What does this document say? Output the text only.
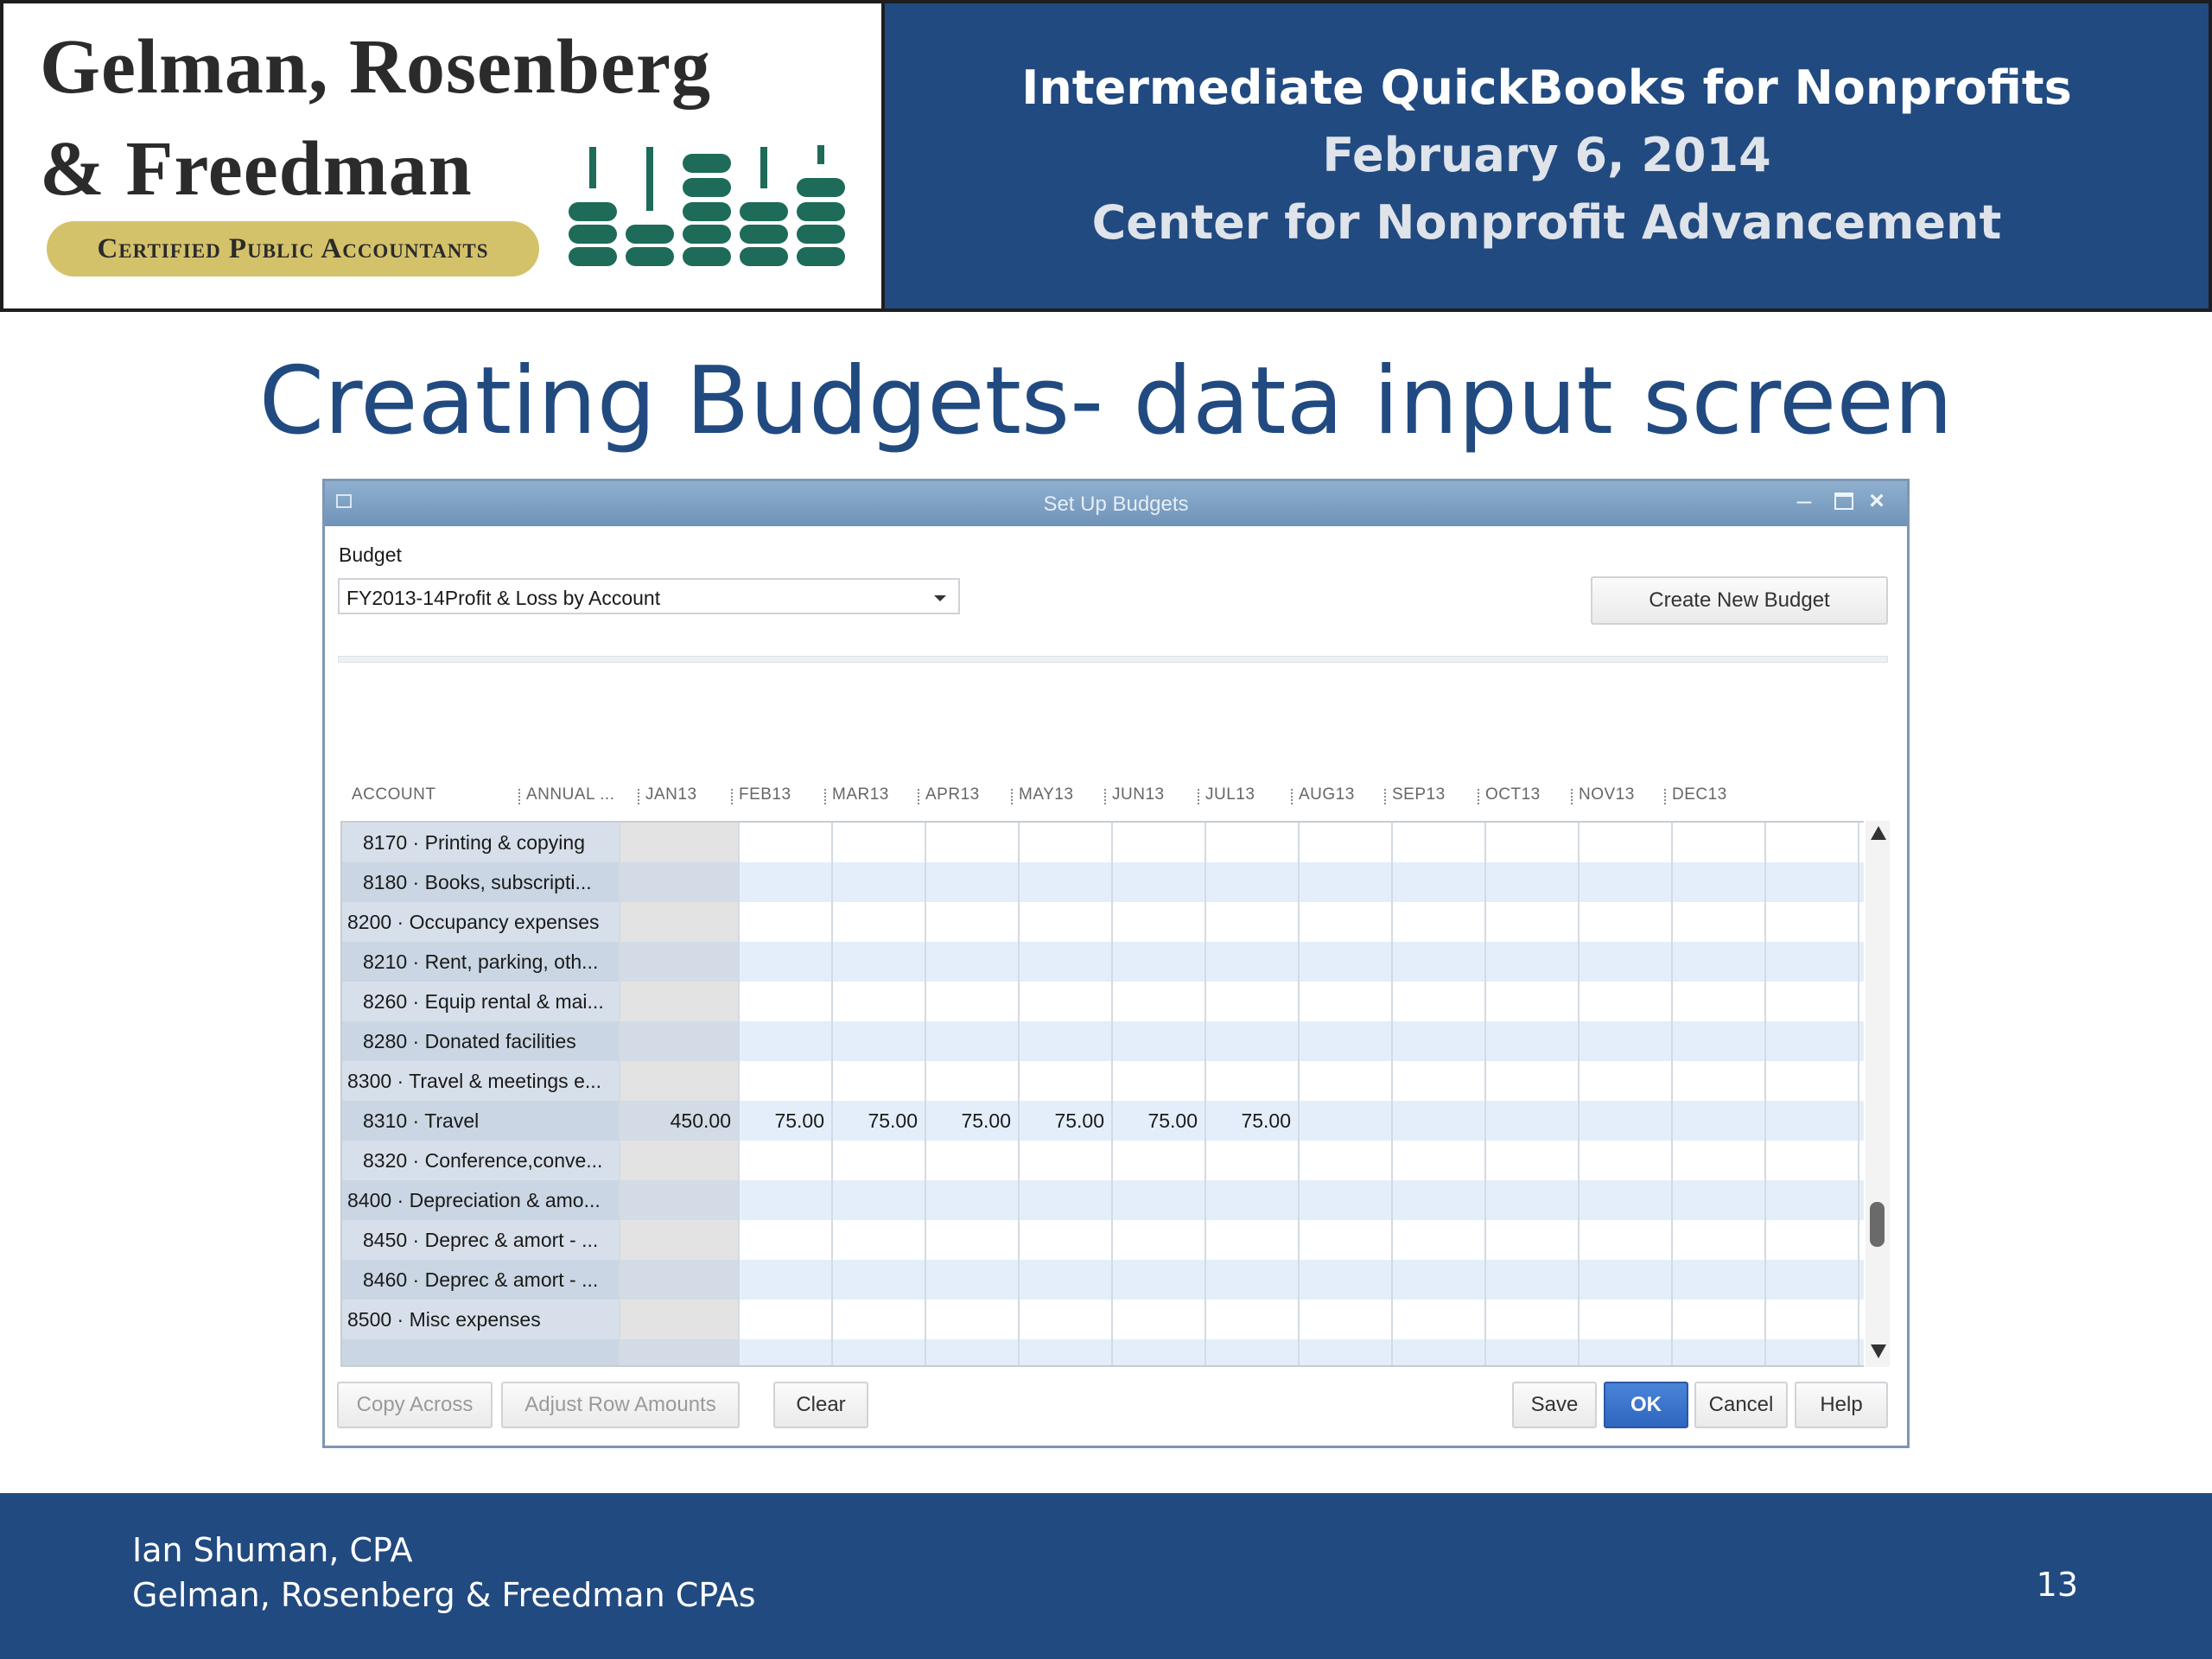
Gelman, Rosenberg
& Freedman
Certified Public Accountants
Intermediate QuickBooks for Nonprofits
February 6, 2014
Center for Nonprofit Advancement
Creating Budgets- data input screen
Set Up Budgets	– ×
Budget
FY2013-14Profit & Loss by Account	Create New Budget
ACCOUNT	ANNUAL ... JAN13	FEB13 MAR13 APR13 MAY13 JUN13 JUL13	AUG13 SEP13 OCT13 NOV13 DEC13
8170 · Printing & copying
8180 · Books, subscripti...
8200 · Occupancy expenses
8210 · Rent, parking, oth...
8260 · Equip rental & mai...
8280 · Donated facilities
8300 · Travel & meetings e...
8310 · Travel	450.00	75.00	75.00	75.00	75.00	75.00	75.00
8320 · Conference,conve...
8400 · Depreciation & amo...
8450 · Deprec & amort - ...
8460 · Deprec & amort - ...
8500 · Misc expenses
Copy Across	Adjust Row Amounts	Clear	Save	OK	Cancel	Help
Ian Shuman, CPA
Gelman, Rosenberg & Freedman CPAs	13
